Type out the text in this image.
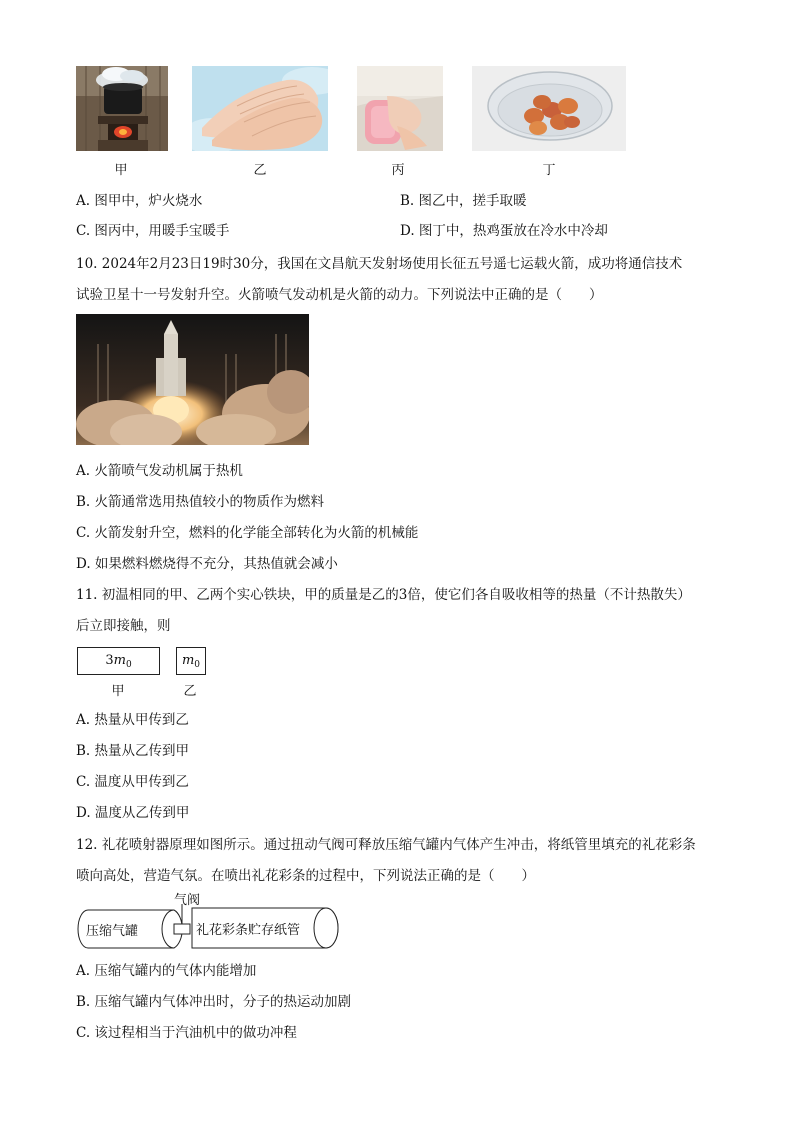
甲	乙	丙	丁
A. 图甲中，炉火烧水	B. 图乙中，搓手取暖
C. 图丙中，用暖手宝暖手	D. 图丁中，热鸡蛋放在冷水中冷却
10. 2024年2月23日19时30分，我国在文昌航天发射场使用长征五号遥七运载火箭，成功将通信技术
试验卫星十一号发射升空。火箭喷气发动机是火箭的动力。下列说法中正确的是（　　）
A. 火箭喷气发动机属于热机
B. 火箭通常选用热值较小的物质作为燃料
C. 火箭发射升空，燃料的化学能全部转化为火箭的机械能
D. 如果燃料燃烧得不充分，其热值就会减小
11. 初温相同的甲、乙两个实心铁块，甲的质量是乙的3倍，使它们各自吸收相等的热量（不计热散失）
后立即接触，则
$3m_0$	$m_0$
甲	乙
A. 热量从甲传到乙
B. 热量从乙传到甲
C. 温度从甲传到乙
D. 温度从乙传到甲
12. 礼花喷射器原理如图所示。通过扭动气阀可释放压缩气罐内气体产生冲击，将纸管里填充的礼花彩条
喷向高处，营造气氛。在喷出礼花彩条的过程中，下列说法正确的是（　　）
气阀
压缩气罐	礼花彩条贮存纸管
A. 压缩气罐内的气体内能增加
B. 压缩气罐内气体冲出时，分子的热运动加剧
C. 该过程相当于汽油机中的做功冲程
